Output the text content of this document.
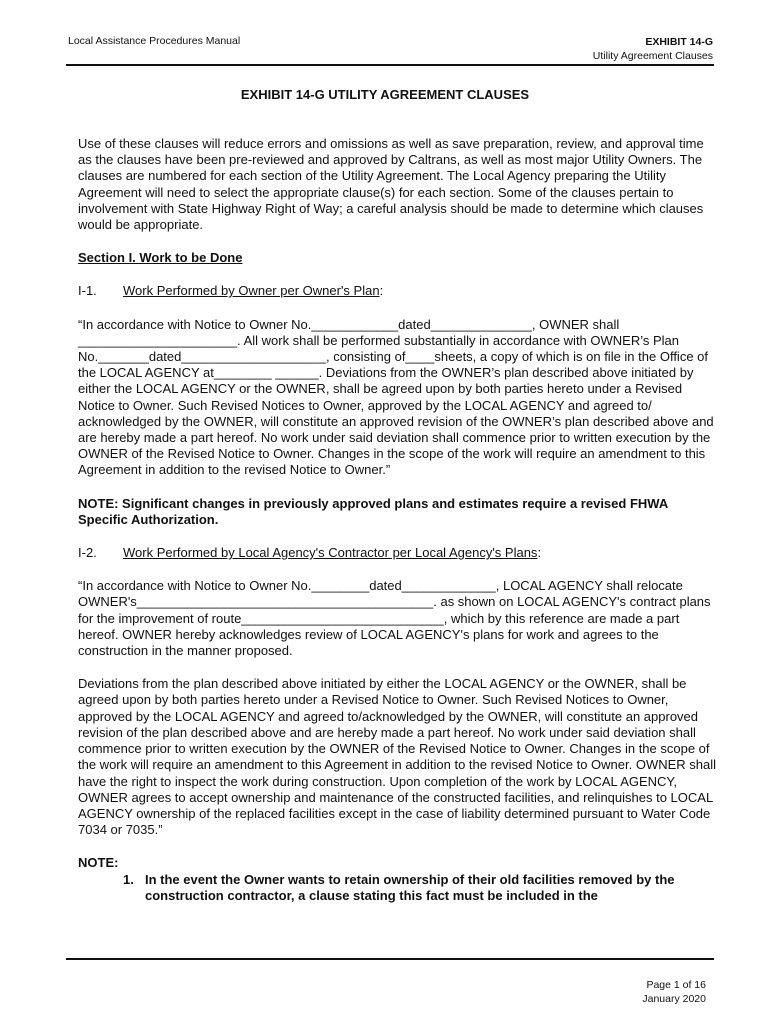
Local Assistance Procedures Manual	EXHIBIT 14-G
Utility Agreement Clauses
EXHIBIT 14-G UTILITY AGREEMENT CLAUSES

Use of these clauses will reduce errors and omissions as well as save preparation, review, and approval time as the clauses have been pre-reviewed and approved by Caltrans, as well as most major Utility Owners. The clauses are numbered for each section of the Utility Agreement. The Local Agency preparing the Utility Agreement will need to select the appropriate clause(s) for each section. Some of the clauses pertain to involvement with State Highway Right of Way; a careful analysis should be made to determine which clauses would be appropriate.

Section I. Work to be Done

I-1.	Work Performed by Owner per Owner's Plan:

“In accordance with Notice to Owner No.____________dated______________, OWNER shall ______________________. All work shall be performed substantially in accordance with OWNER’s Plan No._______dated____________________, consisting of____sheets, a copy of which is on file in the Office of the LOCAL AGENCY at________ ______. Deviations from the OWNER’s plan described above initiated by either the LOCAL AGENCY or the OWNER, shall be agreed upon by both parties hereto under a Revised Notice to Owner. Such Revised Notices to Owner, approved by the LOCAL AGENCY and agreed to/ acknowledged by the OWNER, will constitute an approved revision of the OWNER’s plan described above and are hereby made a part hereof. No work under said deviation shall commence prior to written execution by the OWNER of the Revised Notice to Owner. Changes in the scope of the work will require an amendment to this Agreement in addition to the revised Notice to Owner.”

NOTE: Significant changes in previously approved plans and estimates require a revised FHWA Specific Authorization.

I-2.	Work Performed by Local Agency's Contractor per Local Agency's Plans:

“In accordance with Notice to Owner No.________dated_____________, LOCAL AGENCY shall relocate OWNER's_________________________________________. as shown on LOCAL AGENCY's contract plans for the improvement of route____________________________, which by this reference are made a part hereof. OWNER hereby acknowledges review of LOCAL AGENCY's plans for work and agrees to the construction in the manner proposed.

Deviations from the plan described above initiated by either the LOCAL AGENCY or the OWNER, shall be agreed upon by both parties hereto under a Revised Notice to Owner. Such Revised Notices to Owner, approved by the LOCAL AGENCY and agreed to/acknowledged by the OWNER, will constitute an approved revision of the plan described above and are hereby made a part hereof. No work under said deviation shall commence prior to written execution by the OWNER of the Revised Notice to Owner. Changes in the scope of the work will require an amendment to this Agreement in addition to the revised Notice to Owner. OWNER shall have the right to inspect the work during construction. Upon completion of the work by LOCAL AGENCY, OWNER agrees to accept ownership and maintenance of the constructed facilities, and relinquishes to LOCAL AGENCY ownership of the replaced facilities except in the case of liability determined pursuant to Water Code 7034 or 7035.”

NOTE:

1. In the event the Owner wants to retain ownership of their old facilities removed by the construction contractor, a clause stating this fact must be included in the
Page 1 of 16
January 2020
